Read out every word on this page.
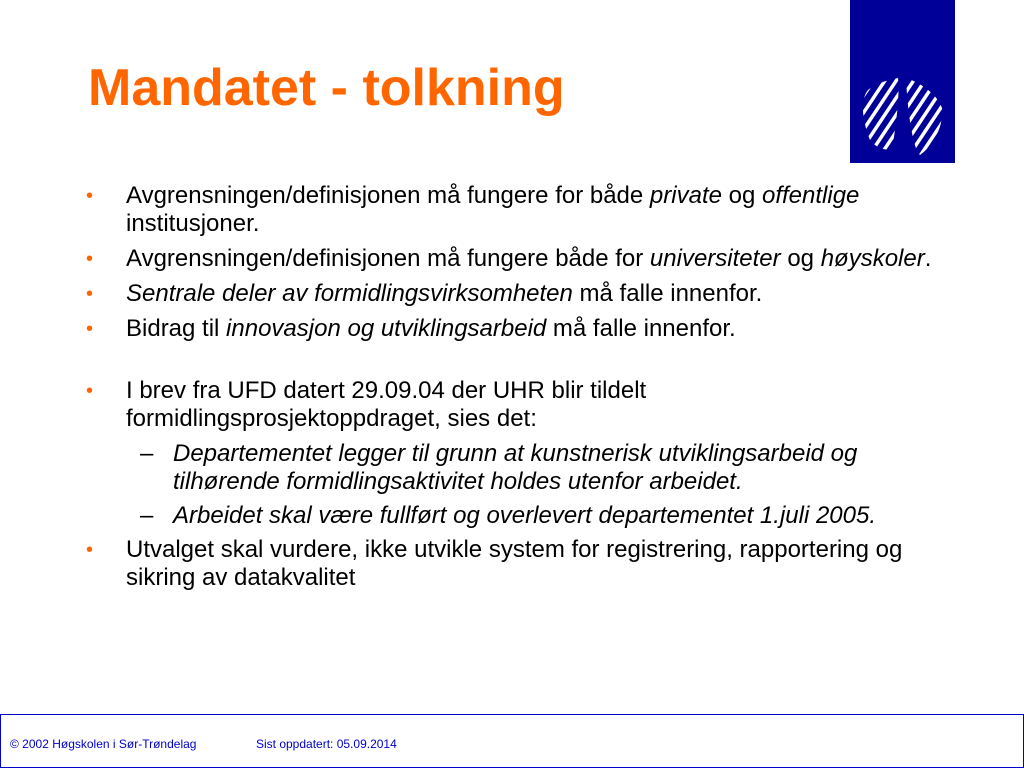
Mandatet - tolkning
•	Avgrensningen/definisjonen må fungere for både private og offentlige institusjoner.
•	Avgrensningen/definisjonen må fungere både for universiteter og høyskoler.
•	Sentrale deler av formidlingsvirksomheten må falle innenfor.
•	Bidrag til innovasjon og utviklingsarbeid må falle innenfor.
•	I brev fra UFD datert 29.09.04 der UHR blir tildelt formidlingsprosjektoppdraget, sies det:
– Departementet legger til grunn at kunstnerisk utviklingsarbeid og tilhørende formidlingsaktivitet holdes utenfor arbeidet.
– Arbeidet skal være fullført og overlevert departementet 1.juli 2005.
•	Utvalget skal vurdere, ikke utvikle system for registrering, rapportering og sikring av datakvalitet
© 2002 Høgskolen i Sør-Trøndelag	Sist oppdatert: 05.09.2014
